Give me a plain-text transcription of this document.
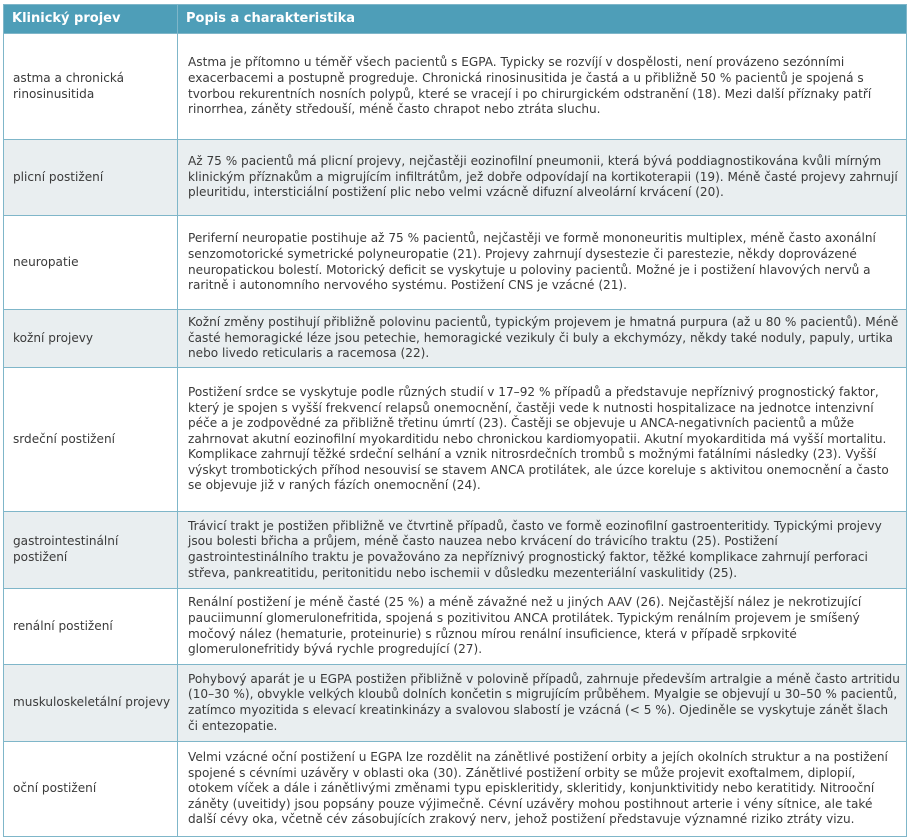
Klinický projev	Popis a charakteristika
astma a chronická rinosinusitida	Astma je přítomno u téměř všech pacientů s EGPA. Typicky se rozvíjí v dospělosti, není provázeno sezónními exacerbacemi a postupně progreduje. Chronická rinosinusitida je častá a u přibližně 50 % pacientů je spojená s tvorbou rekurentních nosních polypů, které se vracejí i po chirurgickém odstranění (18). Mezi další příznaky patří rinorrhea, záněty středouší, méně často chrapot nebo ztráta sluchu.
plicní postižení	Až 75 % pacientů má plicní projevy, nejčastěji eozinofilní pneumonii, která bývá poddiagnostikována kvůli mírným klinickým příznakům a migrujícím infiltrátům, jež dobře odpovídají na kortikoterapii (19). Méně časté projevy zahrnují pleuritidu, intersticiální postižení plic nebo velmi vzácně difuzní alveolární krvácení (20).
neuropatie	Periferní neuropatie postihuje až 75 % pacientů, nejčastěji ve formě mononeuritis multiplex, méně často axonální senzomotorické symetrické polyneuropatie (21). Projevy zahrnují dysestezie či parestezie, někdy doprovázené neuropatickou bolestí. Motorický deficit se vyskytuje u poloviny pacientů. Možné je i postižení hlavových nervů a raritně i autonomního nervového systému. Postižení CNS je vzácné (21).
kožní projevy	Kožní změny postihují přibližně polovinu pacientů, typickým projevem je hmatná purpura (až u 80 % pacientů). Méně časté hemoragické léze jsou petechie, hemoragické vezikuly či buly a ekchymózy, někdy také noduly, papuly, urtika nebo livedo reticularis a racemosa (22).
srdeční postižení	Postižení srdce se vyskytuje podle různých studií v 17–92 % případů a představuje nepříznivý prognostický faktor, který je spojen s vyšší frekvencí relapsů onemocnění, častěji vede k nutnosti hospitalizace na jednotce intenzivní péče a je zodpovědné za přibližně třetinu úmrtí (23). Častěji se objevuje u ANCA-negativních pacientů a může zahrnovat akutní eozinofilní myokarditidu nebo chronickou kardiomyopatii. Akutní myokarditida má vyšší mortalitu. Komplikace zahrnují těžké srdeční selhání a vznik nitrosrdečních trombů s možnými fatálními následky (23). Vyšší výskyt trombotických příhod nesouvisí se stavem ANCA protilátek, ale úzce koreluje s aktivitou onemocnění a často se objevuje již v raných fázích onemocnění (24).
gastrointestinální postižení	Trávicí trakt je postižen přibližně ve čtvrtině případů, často ve formě eozinofilní gastroenteritidy. Typickými projevy jsou bolesti břicha a průjem, méně často nauzea nebo krvácení do trávicího traktu (25). Postižení gastrointestinálního traktu je považováno za nepříznivý prognostický faktor, těžké komplikace zahrnují perforaci střeva, pankreatitidu, peritonitidu nebo ischemii v důsledku mezenteriální vaskulitidy (25).
renální postižení	Renální postižení je méně časté (25 %) a méně závažné než u jiných AAV (26). Nejčastější nález je nekrotizující pauciimunní glomerulonefritida, spojená s pozitivitou ANCA protilátek. Typickým renálním projevem je smíšený močový nález (hematurie, proteinurie) s různou mírou renální insuficience, která v případě srpkovité glomerulonefritidy bývá rychle progredující (27).
muskuloskeletální projevy	Pohybový aparát je u EGPA postižen přibližně v polovině případů, zahrnuje především artralgie a méně často artritidu (10–30 %), obvykle velkých kloubů dolních končetin s migrujícím průběhem. Myalgie se objevují u 30–50 % pacientů, zatímco myozitida s elevací kreatinkinázy a svalovou slabostí je vzácná (< 5 %). Ojediněle se vyskytuje zánět šlach či entezopatie.
oční postižení	Velmi vzácné oční postižení u EGPA lze rozdělit na zánětlivé postižení orbity a jejích okolních struktur a na postižení spojené s cévními uzávěry v oblasti oka (30). Zánětlivé postižení orbity se může projevit exoftalmem, diplopií, otokem víček a dále i zánětlivými změnami typu episkleritidy, skleritidy, konjunktivitidy nebo keratitidy. Nitrooční záněty (uveitidy) jsou popsány pouze výjimečně. Cévní uzávěry mohou postihnout arterie i vény sítnice, ale také další cévy oka, včetně cév zásobujících zrakový nerv, jehož postižení představuje významné riziko ztráty vizu.
